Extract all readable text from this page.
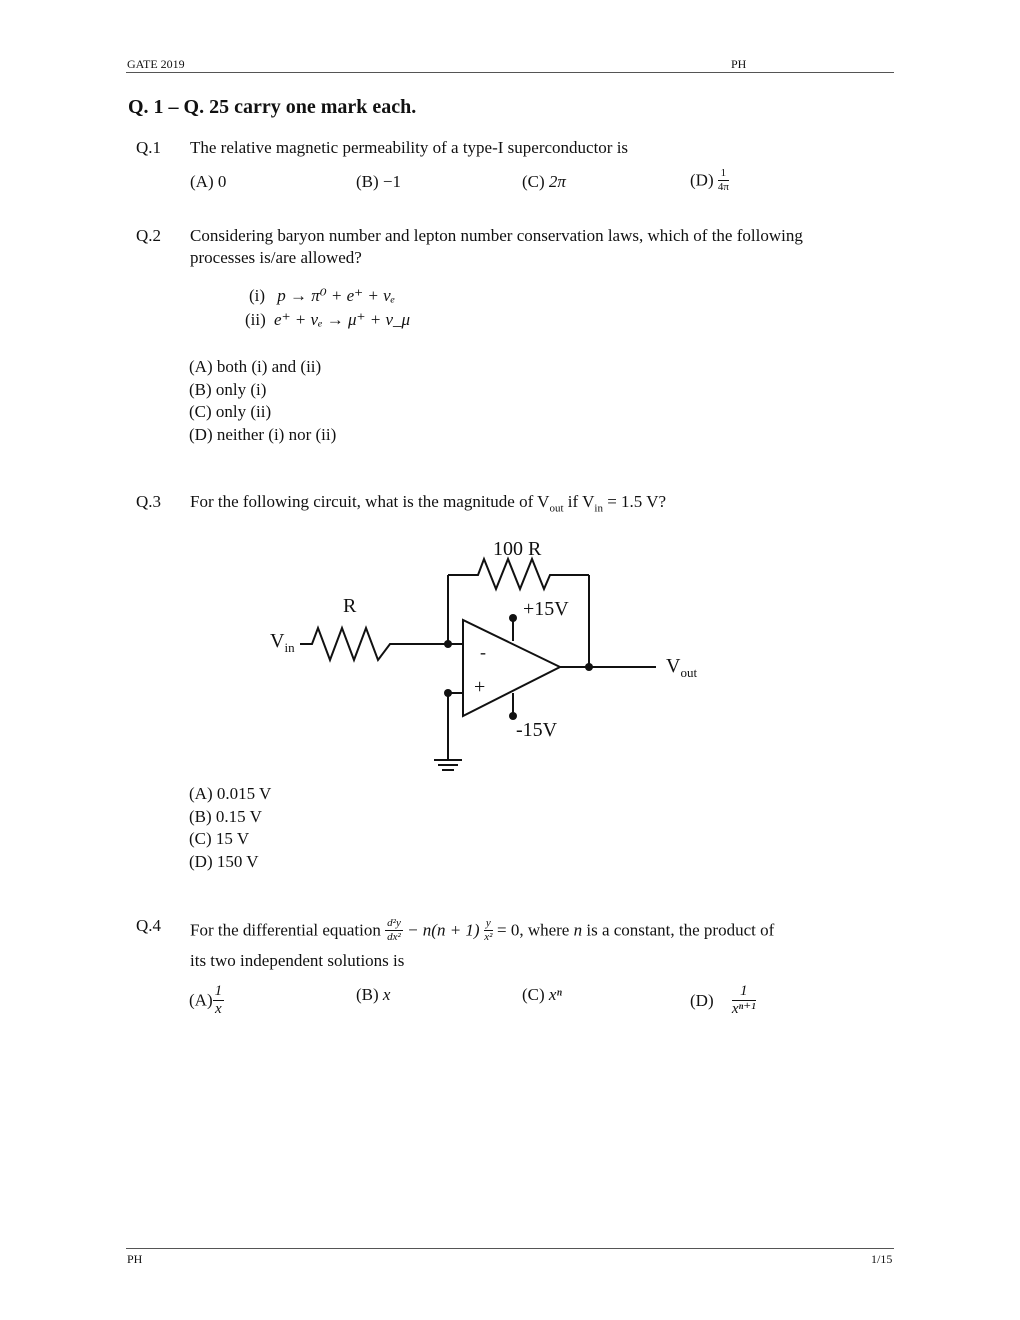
GATE 2019	PH
Q. 1 – Q. 25 carry one mark each.
Q.1 The relative magnetic permeability of a type-I superconductor is
(A) 0	(B) −1	(C) 2π	$(D) \frac{1}{4\pi}$
Q.2 Considering baryon number and lepton number conservation laws, which of the following
processes is/are allowed?
(i) p → π⁰ + e⁺ + νₑ
(ii) e⁺ + νₑ → μ⁺ + ν_μ
(A) both (i) and (ii)
(B) only (i)
(C) only (ii)
(D) neither (i) nor (ii)
Q.3 For the following circuit, what is the magnitude of $V_{out}$ if $V_{in} = 1.5$ V?
100 R
R	+15V
-15V
-
+
$V_{in}$
$V_{out}$
(A) 0.015 V
(B) 0.15 V
(C) 15 V
(D) 150 V
Q.4 For the differential equation $\frac{\text{d²y}}{\text{dx²}} - n(n + 1) \frac{y}{\text{x²}} = 0$, where n is a constant, the product of
its two independent solutions is
$(A) \frac{1}{x}$	(B) x	(C) xⁿ	$(D) \frac{1}{\text{xⁿ⁺¹}}$
PH	1/15
